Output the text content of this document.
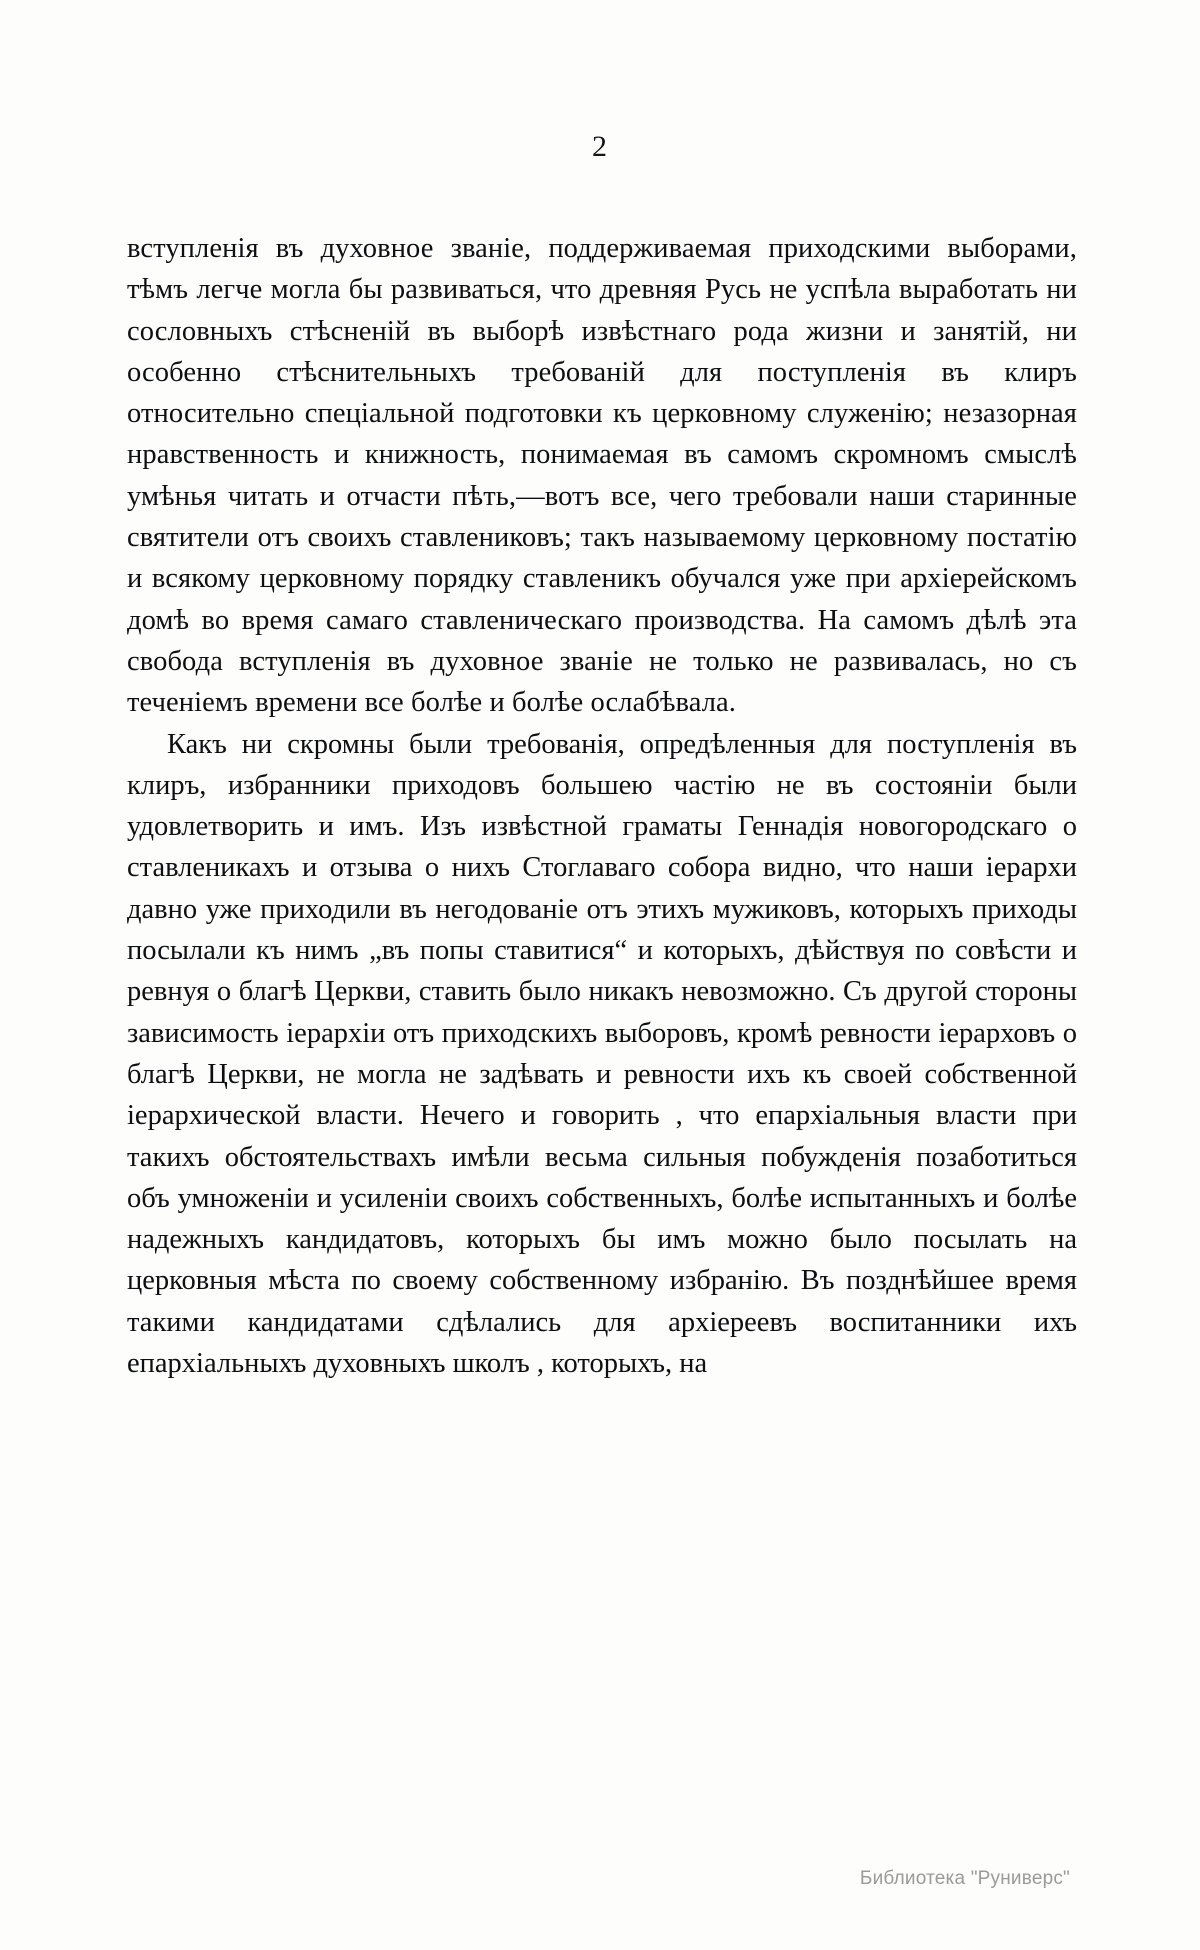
2

вступленія въ духовное званіе, поддерживаемая приходскими выборами, тѣмъ легче могла бы развиваться, что древняя Русь не успѣла выработать ни сословныхъ стѣсненій въ выборѣ извѣстнаго рода жизни и занятій, ни особенно стѣснительныхъ требованій для поступленія въ клиръ относительно спеціальной подготовки къ церковному служенію; незазорная нравственность и книжность, понимаемая въ самомъ скромномъ смыслѣ умѣнья читать и отчасти пѣть,—вотъ все, чего требовали наши старинные святители отъ своихъ ставлениковъ; такъ называемому церковному постатію и всякому церковному порядку ставленикъ обучался уже при архіерейскомъ домѣ во время самаго ставленическаго производства. На самомъ дѣлѣ эта свобода вступленія въ духовное званіе не только не развивалась, но съ теченіемъ времени все болѣе и болѣе ослабѣвала.

Какъ ни скромны были требованія, опредѣленныя для поступленія въ клиръ, избранники приходовъ большею частію не въ состояніи были удовлетворить и имъ. Изъ извѣстной граматы Геннадія новогородскаго о ставленикахъ и отзыва о нихъ Стоглаваго собора видно, что наши іерархи давно уже приходили въ негодованіе отъ этихъ мужиковъ, которыхъ приходы посылали къ нимъ „въ попы ставитися“ и которыхъ, дѣйствуя по совѣсти и ревнуя о благѣ Церкви, ставить было никакъ невозможно. Съ другой стороны зависимость іерархіи отъ приходскихъ выборовъ, кромѣ ревности іерарховъ о благѣ Церкви, не могла не задѣвать и ревности ихъ къ своей собственной іерархической власти. Нечего и говорить , что епархіальныя власти при такихъ обстоятельствахъ имѣли весьма сильныя побужденія позаботиться объ умноженіи и усиленіи своихъ собственныхъ, болѣе испытанныхъ и болѣе надежныхъ кандидатовъ, которыхъ бы имъ можно было посылать на церковныя мѣста по своему собственному избранію. Въ позднѣйшее время такими кандидатами сдѣлались для архіереевъ воспитанники ихъ епархіальныхъ духовныхъ школъ , которыхъ, на

Библиотека "Руниверс"
